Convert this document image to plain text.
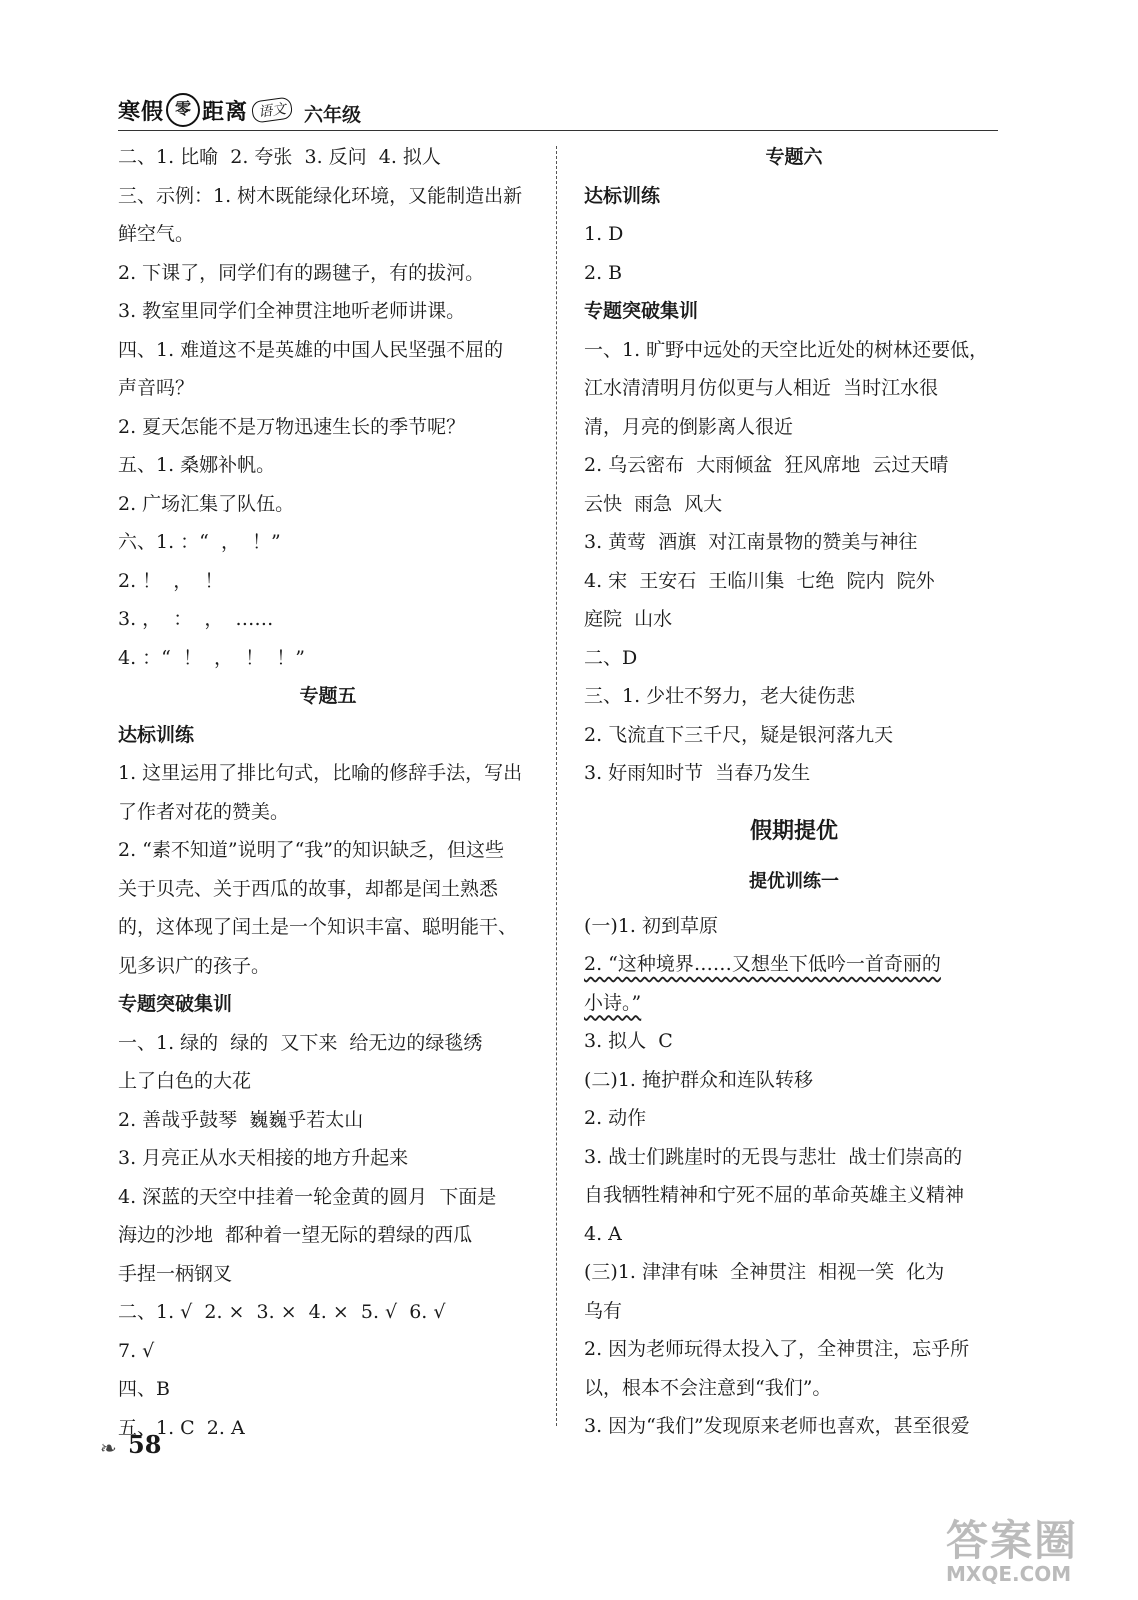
寒假 零 距离 语文 六年级
二、1. 比喻  2. 夸张  3. 反问  4. 拟人
三、示例：1. 树木既能绿化环境，又能制造出新
鲜空气。
2. 下课了，同学们有的踢毽子，有的拔河。
3. 教室里同学们全神贯注地听老师讲课。
四、1. 难道这不是英雄的中国人民坚强不屈的
声音吗？
2. 夏天怎能不是万物迅速生长的季节呢？
五、1. 桑娜补帆。
2. 广场汇集了队伍。
六、1. ：“  ，  ！”
2. ！  ，  ！
3. ，  ：  ，  ……
4. ：“  ！  ，  ！  ！”
专题五
达标训练
1. 这里运用了排比句式，比喻的修辞手法，写出
了作者对花的赞美。
2. “素不知道”说明了“我”的知识缺乏，但这些
关于贝壳、关于西瓜的故事，却都是闰土熟悉
的，这体现了闰土是一个知识丰富、聪明能干、
见多识广的孩子。
专题突破集训
一、1. 绿的  绿的  又下来  给无边的绿毯绣
上了白色的大花
2. 善哉乎鼓琴  巍巍乎若太山
3. 月亮正从水天相接的地方升起来
4. 深蓝的天空中挂着一轮金黄的圆月  下面是
海边的沙地  都种着一望无际的碧绿的西瓜
手捏一柄钢叉
二、1. √  2. ×  3. ×  4. ×  5. √  6. √
7. √
四、B
五、1. C  2. A
专题六
达标训练
1. D
2. B
专题突破集训
一、1. 旷野中远处的天空比近处的树林还要低，
江水清清明月仿似更与人相近  当时江水很
清，月亮的倒影离人很近
2. 乌云密布  大雨倾盆  狂风席地  云过天晴
云快  雨急  风大
3. 黄莺  酒旗  对江南景物的赞美与神往
4. 宋  王安石  王临川集  七绝  院内  院外
庭院  山水
二、D
三、1. 少壮不努力，老大徒伤悲
2. 飞流直下三千尺，疑是银河落九天
3. 好雨知时节  当春乃发生
假期提优
提优训练一
(一)1. 初到草原
2. “这种境界……又想坐下低吟一首奇丽的
小诗。”
3. 拟人  C
(二)1. 掩护群众和连队转移
2. 动作
3. 战士们跳崖时的无畏与悲壮  战士们崇高的
自我牺牲精神和宁死不屈的革命英雄主义精神
4. A
(三)1. 津津有味  全神贯注  相视一笑  化为
乌有
2. 因为老师玩得太投入了，全神贯注，忘乎所
以，根本不会注意到“我们”。
3. 因为“我们”发现原来老师也喜欢，甚至很爱
❧ 58
答案圈
MXQE.COM
